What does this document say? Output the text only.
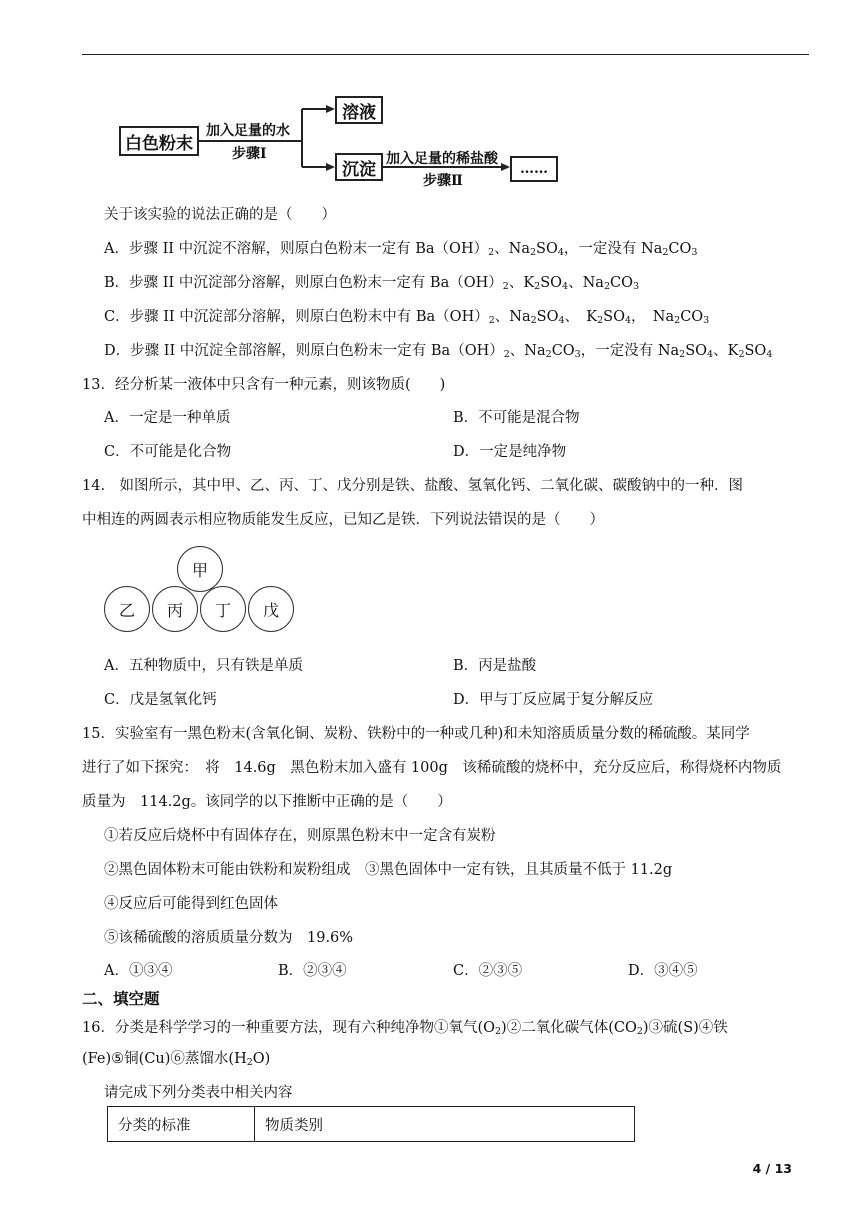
白色粉末
溶液
沉淀	……
加入足量的水
步骤Ⅰ	加入足量的稀盐酸
步骤Ⅱ
关于该实验的说法正确的是（　　）
A．步骤 II 中沉淀不溶解，则原白色粉末一定有 $Ba(OH)_2$、$Na_2SO_4$，一定没有 $Na_2CO_3$
B．步骤 II 中沉淀部分溶解，则原白色粉末一定有 $Ba(OH)_2$、$K_2SO_4$、$Na_2CO_3$
C．步骤 II 中沉淀部分溶解，则原白色粉末中有 $Ba(OH)_2$、$Na_2SO_4$、　$K_2SO_4$，　$Na_2CO_3$
D．步骤 II 中沉淀全部溶解，则原白色粉末一定有 $Ba(OH)_2$、$Na_2CO_3$，一定没有 $Na_2SO_4$、$K_2SO_4$
13．经分析某一液体中只含有一种元素，则该物质(　　)
A．一定是一种单质	B．不可能是混合物
C．不可能是化合物	D．一定是纯净物
14.　如图所示，其中甲、乙、丙、丁、戊分别是铁、盐酸、氢氧化钙、二氧化碳、碳酸钠中的一种．图
中相连的两圆表示相应物质能发生反应，已知乙是铁．下列说法错误的是（　　）
甲
乙	丙	丁	戊
A．五种物质中，只有铁是单质	B．丙是盐酸
C．戊是氢氧化钙	D．甲与丁反应属于复分解反应
15．实验室有一黑色粉末(含氧化铜、炭粉、铁粉中的一种或几种)和未知溶质质量分数的稀硫酸。某同学
进行了如下探究：　将　14.6g　黑色粉末加入盛有 100g　该稀硫酸的烧杯中，充分反应后，称得烧杯内物质
质量为　114.2g。该同学的以下推断中正确的是（　　）
①若反应后烧杯中有固体存在，则原黑色粉末中一定含有炭粉
②黑色固体粉末可能由铁粉和炭粉组成　③黑色固体中一定有铁，且其质量不低于 11.2g
④反应后可能得到红色固体
⑤该稀硫酸的溶质质量分数为　19.6%
A．①③④	B．②③④	C．②③⑤	D．③④⑤
二、填空题
16．分类是科学学习的一种重要方法，现有六种纯净物①氧气$(O_2)②$二氧化碳气体$(CO_2)③$硫(S)④铁
(Fe)⑤铜(Cu)⑥蒸馏水$(H_2O)$
请完成下列分类表中相关内容
分类的标准	物质类别
4 / 13
